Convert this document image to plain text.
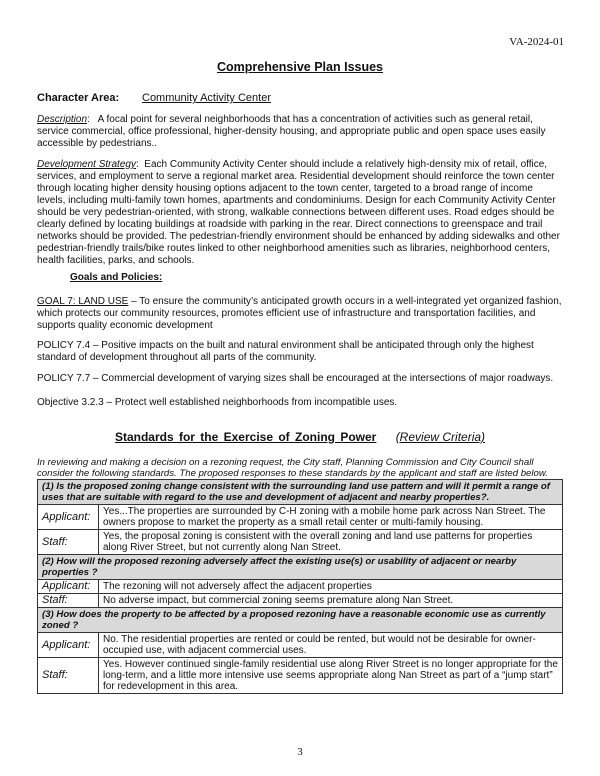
VA-2024-01
Comprehensive Plan Issues
Character Area: Community Activity Center
Description:   A focal point for several neighborhoods that has a concentration of activities such as general retail, service commercial, office professional, higher-density housing, and appropriate public and open space uses easily accessible by pedestrians..
Development Strategy:  Each Community Activity Center should include a relatively high-density mix of retail, office, services, and employment to serve a regional market area. Residential development should reinforce the town center through locating higher density housing options adjacent to the town center, targeted to a broad range of income levels, including multi-family town homes, apartments and condominiums. Design for each Community Activity Center should be very pedestrian-oriented, with strong, walkable connections between different uses. Road edges should be clearly defined by locating buildings at roadside with parking in the rear. Direct connections to greenspace and trail networks should be provided. The pedestrian-friendly environment should be enhanced by adding sidewalks and other pedestrian-friendly trails/bike routes linked to other neighborhood amenities such as libraries, neighborhood centers, health facilities, parks, and schools.
Goals and Policies:
GOAL 7: LAND USE – To ensure the community’s anticipated growth occurs in a well-integrated yet organized fashion, which protects our community resources, promotes efficient use of infrastructure and transportation facilities, and supports quality economic development
POLICY 7.4 – Positive impacts on the built and natural environment shall be anticipated through only the highest standard of development throughout all parts of the community.
POLICY 7.7 – Commercial development of varying sizes shall be encouraged at the intersections of major roadways.
Objective 3.2.3 – Protect well established neighborhoods from incompatible uses.
Standards for the Exercise of Zoning Power (Review Criteria)
In reviewing and making a decision on a rezoning request, the City staff, Planning Commission and City Council shall consider the following standards. The proposed responses to these standards by the applicant and staff are listed below.
(1) Is the proposed zoning change consistent with the surrounding land use pattern and will it permit a range of uses that are suitable with regard to the use and development of adjacent and nearby properties?.	
Applicant:	Yes...The properties are surrounded by C-H zoning with a mobile home park across Nan Street. The owners propose to market the property as a small retail center or multi-family housing.
Staff:	Yes, the proposal zoning is consistent with the overall zoning and land use patterns for properties along River Street, but not currently along Nan Street.
(2) How will the proposed rezoning adversely affect the existing use(s) or usability of adjacent or nearby properties ?	
Applicant:	The rezoning will not adversely affect the adjacent properties
Staff:	No adverse impact, but commercial zoning seems premature along Nan Street.
(3) How does the property to be affected by a proposed rezoning have a reasonable economic use as currently zoned ?	
Applicant:	No. The residential properties are rented or could be rented, but would not be desirable for owner-occupied use, with adjacent commercial uses.
Staff:	Yes. However continued single-family residential use along River Street is no longer appropriate for the long-term, and a little more intensive use seems appropriate along Nan Street as part of a “jump start” for redevelopment in this area.
3
